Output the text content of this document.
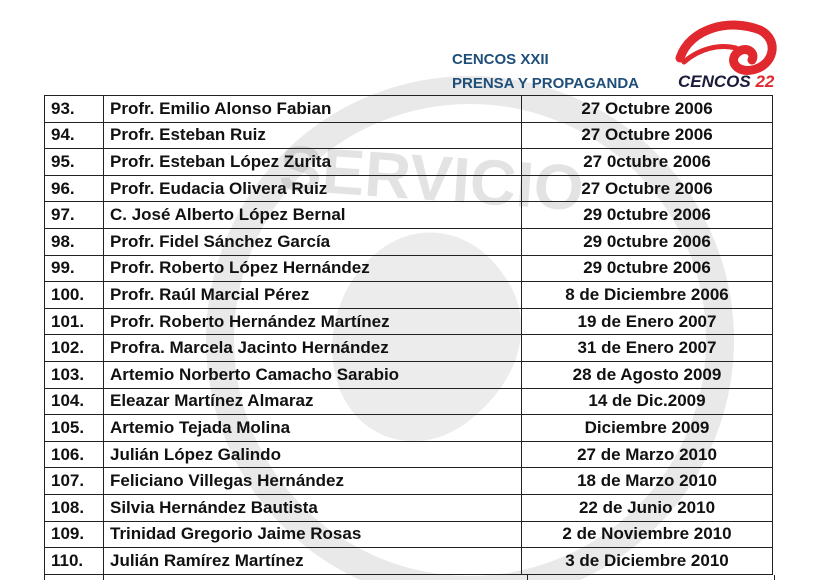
SERVICIO
CENCOS XXII
PRENSA Y PROPAGANDA CENCOS 22
93.	Profr. Emilio Alonso Fabian	27 Octubre 2006
94.	Profr. Esteban Ruiz	27 Octubre 2006
95.	Profr. Esteban López Zurita	27 0ctubre 2006
96.	Profr. Eudacia Olivera Ruiz	27 Octubre 2006
97.	C. José Alberto López Bernal	29 0ctubre 2006
98.	Profr. Fidel Sánchez García	29 0ctubre 2006
99.	Profr. Roberto López Hernández	29 0ctubre 2006
100.	Profr. Raúl Marcial Pérez	8 de Diciembre 2006
101.	Profr. Roberto Hernández Martínez	19 de Enero 2007
102.	Profra. Marcela Jacinto Hernández	31 de Enero 2007
103.	Artemio Norberto Camacho Sarabio	28 de Agosto 2009
104.	Eleazar Martínez Almaraz	14 de Dic.2009
105.	Artemio Tejada Molina	Diciembre 2009
106.	Julián López Galindo	27 de Marzo 2010
107.	Feliciano Villegas Hernández	18 de Marzo 2010
108.	Silvia Hernández Bautista	22 de Junio 2010
109.	Trinidad Gregorio Jaime Rosas	2 de Noviembre 2010
110.	Julián Ramírez Martínez	3 de Diciembre 2010
